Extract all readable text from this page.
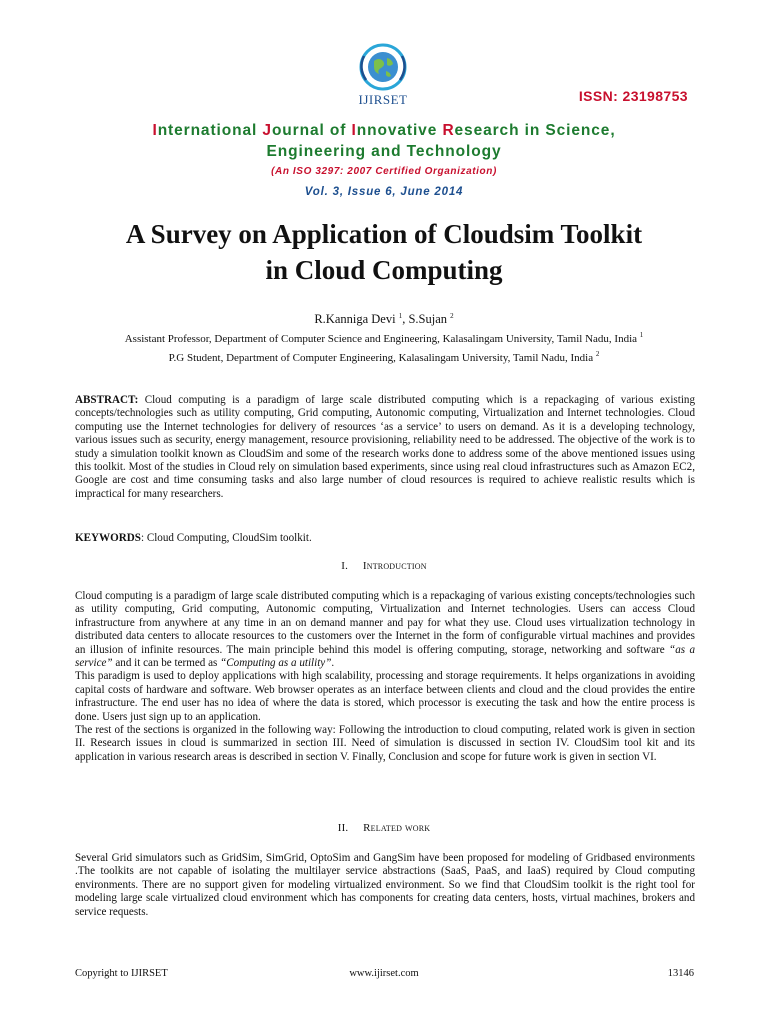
IJIRSET	ISSN: 23198753
International Journal of Innovative Research in Science,
Engineering and Technology
(An ISO 3297: 2007 Certified Organization)
Vol. 3, Issue 6, June 2014
A Survey on Application of Cloudsim Toolkit
in Cloud Computing
R.Kanniga Devi $^1$, S.Sujan $^2$
Assistant Professor, Department of Computer Science and Engineering, Kalasalingam University, Tamil Nadu, India $^1$
P.G Student, Department of Computer Engineering, Kalasalingam University, Tamil Nadu, India $^2$

ABSTRACT: Cloud computing is a paradigm of large scale distributed computing which is a repackaging of various existing concepts/technologies such as utility computing, Grid computing, Autonomic computing, Virtualization and Internet technologies. Cloud computing use the Internet technologies for delivery of resources ‘as a service’ to users on demand. As it is a developing technology, various issues such as security, energy management, resource provisioning, reliability need to be addressed. The objective of the work is to study a simulation toolkit known as CloudSim and some of the research works done to address some of the above mentioned issues using this toolkit. Most of the studies in Cloud rely on simulation based experiments, since using real cloud infrastructures such as Amazon EC2, Google are cost and time consuming tasks and also large number of cloud resources is required to achieve realistic results which is impractical for many researchers.

KEYWORDS: Cloud Computing, CloudSim toolkit.

I.     Introduction

Cloud computing is a paradigm of large scale distributed computing which is a repackaging of various existing concepts/technologies such as utility computing, Grid computing, Autonomic computing, Virtualization and Internet technologies. Users can access Cloud infrastructure from anywhere at any time in an on demand manner and pay for what they use. Cloud uses virtualization technology in distributed data centers to allocate resources to the customers over the Internet in the form of configurable virtual machines and provides an illusion of infinite resources. The main principle behind this model is offering computing, storage, networking and software “as a service” and it can be termed as “Computing as a utility”.

This paradigm is used to deploy applications with high scalability, processing and storage requirements. It helps organizations in avoiding capital costs of hardware and software. Web browser operates as an interface between clients and cloud and the cloud provides the entire infrastructure. The end user has no idea of where the data is stored, which processor is executing the task and how the entire process is done. Users just sign up to an application.

The rest of the sections is organized in the following way: Following the introduction to cloud computing, related work is given in section II. Research issues in cloud is summarized in section III. Need of simulation is discussed in section IV. CloudSim tool kit and its application in various research areas is described in section V. Finally, Conclusion and scope for future work is given in section VI.

II.     Related work

Several Grid simulators such as GridSim, SimGrid, OptoSim and GangSim have been proposed for modeling of Gridbased environments .The toolkits are not capable of isolating the multilayer service abstractions (SaaS, PaaS, and IaaS) required by Cloud computing environments. There are no support given for modeling virtualized environment. So we find that CloudSim toolkit is the right tool for modeling large scale virtualized cloud environment which has components for creating data centers, hosts, virtual machines, brokers and service requests.

Copyright to IJIRSET	www.ijirset.com	13146
